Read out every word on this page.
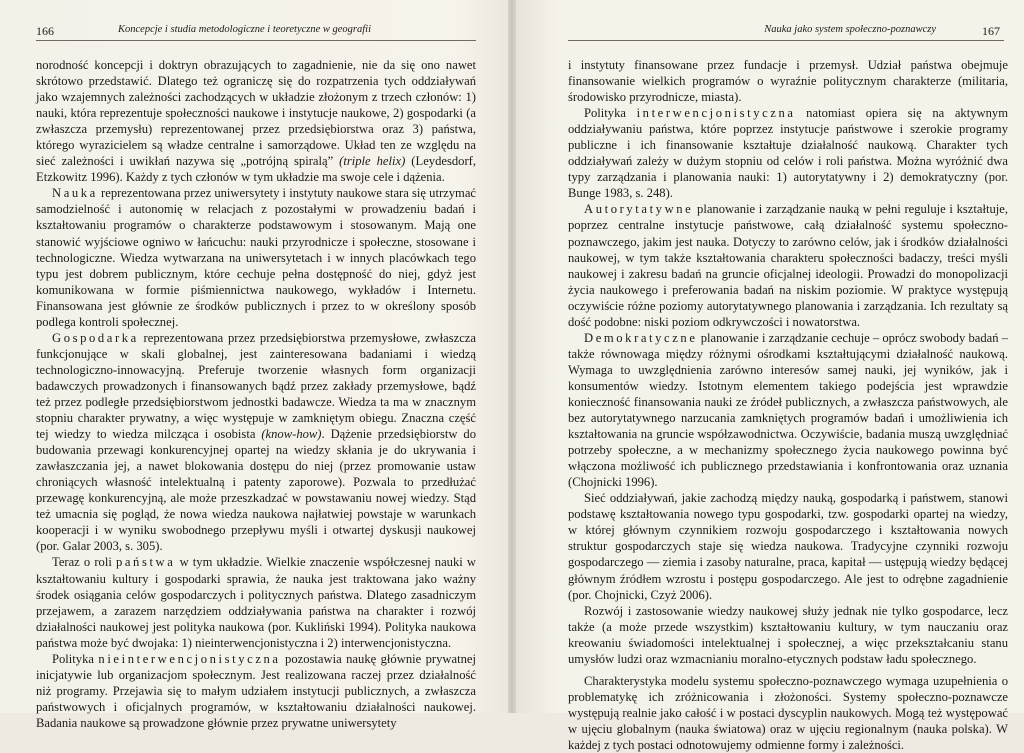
166	Koncepcje i studia metodologiczne i teoretyczne w geografii

norodność koncepcji i doktryn obrazujących to zagadnienie, nie da się ono nawet skrótowo przedstawić. Dlatego też ograniczę się do rozpatrzenia tych oddziaływań jako wzajemnych zależności zachodzących w układzie złożonym z trzech członów: 1) nauki, która reprezentuje społeczności naukowe i instytucje naukowe, 2) gospodarki (a zwłaszcza przemysłu) reprezentowanej przez przedsiębiorstwa oraz 3) państwa, którego wyrazicielem są władze centralne i samorządowe. Układ ten ze względu na sieć zależności i uwikłań nazywa się „potrójną spiralą” (triple helix) (Leydesdorf, Etzkowitz 1996). Każdy z tych członów w tym układzie ma swoje cele i dążenia.

Nauka reprezentowana przez uniwersytety i instytuty naukowe stara się utrzymać samodzielność i autonomię w relacjach z pozostałymi w prowadzeniu badań i kształtowaniu programów o charakterze podstawowym i stosowanym. Mają one stanowić wyjściowe ogniwo w łańcuchu: nauki przyrodnicze i społeczne, stosowane i technologiczne. Wiedza wytwarzana na uniwersytetach i w innych placówkach tego typu jest dobrem publicznym, które cechuje pełna dostępność do niej, gdyż jest komunikowana w formie piśmiennictwa naukowego, wykładów i Internetu. Finansowana jest głównie ze środków publicznych i przez to w określony sposób podlega kontroli społecznej.

Gospodarka reprezentowana przez przedsiębiorstwa przemysłowe, zwłaszcza funkcjonujące w skali globalnej, jest zainteresowana badaniami i wiedzą technologiczno-innowacyjną. Preferuje tworzenie własnych form organizacji badawczych prowadzonych i finansowanych bądź przez zakłady przemysłowe, bądź też przez podległe przedsiębiorstwom jednostki badawcze. Wiedza ta ma w znacznym stopniu charakter prywatny, a więc występuje w zamkniętym obiegu. Znaczna część tej wiedzy to wiedza milcząca i osobista (know-how). Dążenie przedsiębiorstw do budowania przewagi konkurencyjnej opartej na wiedzy skłania je do ukrywania i zawłaszczania jej, a nawet blokowania dostępu do niej (przez promowanie ustaw chroniących własność intelektualną i patenty zaporowe). Pozwala to przedłużać przewagę konkurencyjną, ale może przeszkadzać w powstawaniu nowej wiedzy. Stąd też umacnia się pogląd, że nowa wiedza naukowa najłatwiej powstaje w warunkach kooperacji i w wyniku swobodnego przepływu myśli i otwartej dyskusji naukowej (por. Galar 2003, s. 305).

Teraz o roli państwa w tym układzie. Wielkie znaczenie współczesnej nauki w kształtowaniu kultury i gospodarki sprawia, że nauka jest traktowana jako ważny środek osiągania celów gospodarczych i politycznych państwa. Dlatego zasadniczym przejawem, a zarazem narzędziem oddziaływania państwa na charakter i rozwój działalności naukowej jest polityka naukowa (por. Kukliński 1994). Polityka naukowa państwa może być dwojaka: 1) nieinterwencjonistyczna i 2) interwencjonistyczna.

Polityka nieinterwencjonistyczna pozostawia naukę głównie prywatnej inicjatywie lub organizacjom społecznym. Jest realizowana raczej przez działalność niż programy. Przejawia się to małym udziałem instytucji publicznych, a zwłaszcza państwowych i oficjalnych programów, w kształtowaniu działalności naukowej. Badania naukowe są prowadzone głównie przez prywatne uniwersytety

Nauka jako system społeczno-poznawczy	167

i instytuty finansowane przez fundacje i przemysł. Udział państwa obejmuje finansowanie wielkich programów o wyraźnie politycznym charakterze (militaria, środowisko przyrodnicze, miasta).

Polityka interwencjonistyczna natomiast opiera się na aktywnym oddziaływaniu państwa, które poprzez instytucje państwowe i szerokie programy publiczne i ich finansowanie kształtuje działalność naukową. Charakter tych oddziaływań zależy w dużym stopniu od celów i roli państwa. Można wyróżnić dwa typy zarządzania i planowania nauki: 1) autorytatywny i 2) demokratyczny (por. Bunge 1983, s. 248).

Autorytatywne planowanie i zarządzanie nauką w pełni reguluje i kształtuje, poprzez centralne instytucje państwowe, całą działalność systemu społeczno-poznawczego, jakim jest nauka. Dotyczy to zarówno celów, jak i środków działalności naukowej, w tym także kształtowania charakteru społeczności badaczy, treści myśli naukowej i zakresu badań na gruncie oficjalnej ideologii. Prowadzi do monopolizacji życia naukowego i preferowania badań na niskim poziomie. W praktyce występują oczywiście różne poziomy autorytatywnego planowania i zarządzania. Ich rezultaty są dość podobne: niski poziom odkrywczości i nowatorstwa.

Demokratyczne planowanie i zarządzanie cechuje – oprócz swobody badań – także równowaga między różnymi ośrodkami kształtującymi działalność naukową. Wymaga to uwzględnienia zarówno interesów samej nauki, jej wyników, jak i konsumentów wiedzy. Istotnym elementem takiego podejścia jest wprawdzie konieczność finansowania nauki ze źródeł publicznych, a zwłaszcza państwowych, ale bez autorytatywnego narzucania zamkniętych programów badań i umożliwienia ich kształtowania na gruncie współzawodnictwa. Oczywiście, badania muszą uwzględniać potrzeby społeczne, a w mechanizmy społecznego życia naukowego powinna być włączona możliwość ich publicznego przedstawiania i konfrontowania oraz uznania (Chojnicki 1996).

Sieć oddziaływań, jakie zachodzą między nauką, gospodarką i państwem, stanowi podstawę kształtowania nowego typu gospodarki, tzw. gospodarki opartej na wiedzy, w której głównym czynnikiem rozwoju gospodarczego i kształtowania nowych struktur gospodarczych staje się wiedza naukowa. Tradycyjne czynniki rozwoju gospodarczego — ziemia i zasoby naturalne, praca, kapitał — ustępują wiedzy będącej głównym źródłem wzrostu i postępu gospodarczego. Ale jest to odrębne zagadnienie (por. Chojnicki, Czyż 2006).

Rozwój i zastosowanie wiedzy naukowej służy jednak nie tylko gospodarce, lecz także (a może przede wszystkim) kształtowaniu kultury, w tym nauczaniu oraz kreowaniu świadomości intelektualnej i społecznej, a więc przekształcaniu stanu umysłów ludzi oraz wzmacnianiu moralno-etycznych podstaw ładu społecznego.

Charakterystyka modelu systemu społeczno-poznawczego wymaga uzupełnienia o problematykę ich zróżnicowania i złożoności. Systemy społeczno-poznawcze występują realnie jako całość i w postaci dyscyplin naukowych. Mogą też występować w ujęciu globalnym (nauka światowa) oraz w ujęciu regionalnym (nauka polska). W każdej z tych postaci odnotowujemy odmienne formy i zależności.
